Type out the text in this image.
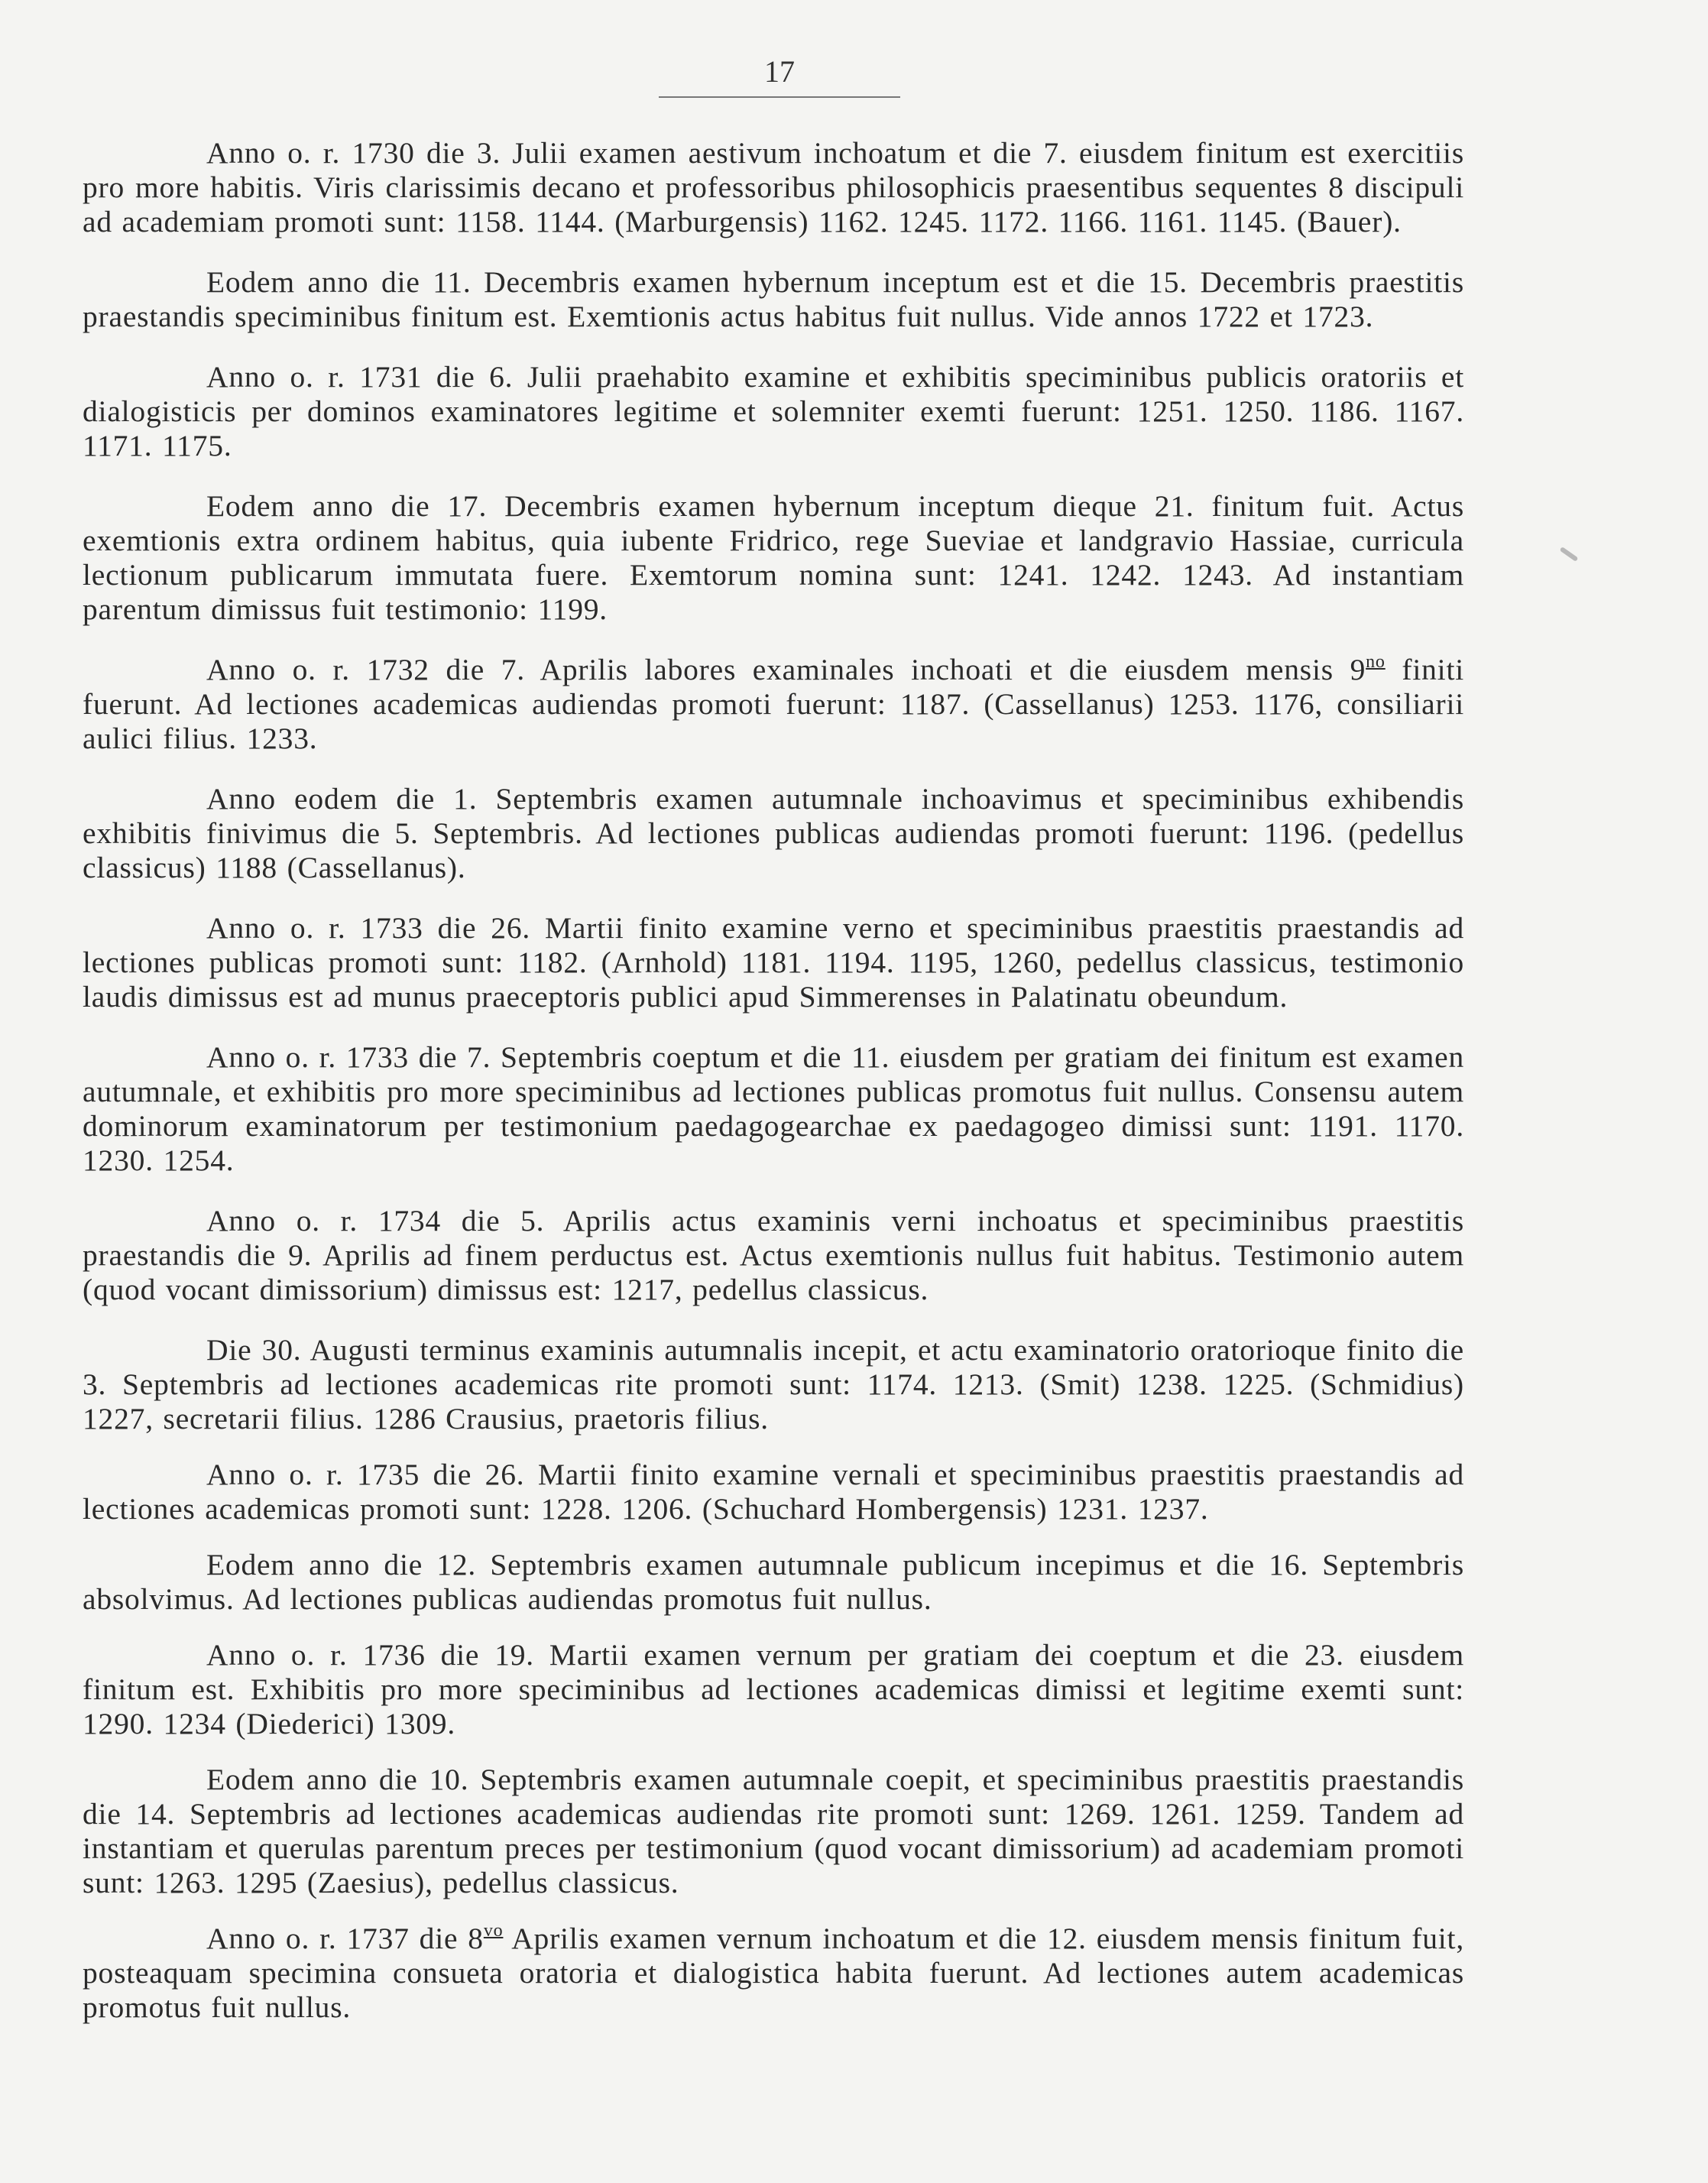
17

Anno o. r. 1730 die 3. Julii examen aestivum inchoatum et die 7. eiusdem finitum est exercitiis pro more habitis. Viris clarissimis decano et professoribus philosophicis praesentibus sequentes 8 discipuli ad academiam promoti sunt: 1158. 1144. (Marburgensis) 1162. 1245. 1172. 1166. 1161. 1145. (Bauer).

Eodem anno die 11. Decembris examen hybernum inceptum est et die 15. Decembris praestitis praestandis speciminibus finitum est. Exemtionis actus habitus fuit nullus. Vide annos 1722 et 1723.

Anno o. r. 1731 die 6. Julii praehabito examine et exhibitis speciminibus publicis oratoriis et dialogisticis per dominos examinatores legitime et solemniter exemti fuerunt: 1251. 1250. 1186. 1167. 1171. 1175.

Eodem anno die 17. Decembris examen hybernum inceptum dieque 21. finitum fuit. Actus exemtionis extra ordinem habitus, quia iubente Fridrico, rege Sueviae et landgravio Hassiae, curricula lectionum publicarum immutata fuere. Exemtorum nomina sunt: 1241. 1242. 1243. Ad instantiam parentum dimissus fuit testimonio: 1199.

Anno o. r. 1732 die 7. Aprilis labores examinales inchoati et die eiusdem mensis $9^{no}$ finiti fuerunt. Ad lectiones academicas audiendas promoti fuerunt: 1187. (Cassellanus) 1253. 1176, consiliarii aulici filius. 1233.

Anno eodem die 1. Septembris examen autumnale inchoavimus et speciminibus exhibendis exhibitis finivimus die 5. Septembris. Ad lectiones publicas audiendas promoti fuerunt: 1196. (pedellus classicus) 1188 (Cassellanus).

Anno o. r. 1733 die 26. Martii finito examine verno et speciminibus praestitis praestandis ad lectiones publicas promoti sunt: 1182. (Arnhold) 1181. 1194. 1195, 1260, pedellus classicus, testimonio laudis dimissus est ad munus praeceptoris publici apud Simmerenses in Palatinatu obeundum.

Anno o. r. 1733 die 7. Septembris coeptum et die 11. eiusdem per gratiam dei finitum est examen autumnale, et exhibitis pro more speciminibus ad lectiones publicas promotus fuit nullus. Consensu autem dominorum examinatorum per testimonium paedagogearchae ex paedagogeo dimissi sunt: 1191. 1170. 1230. 1254.

Anno o. r. 1734 die 5. Aprilis actus examinis verni inchoatus et speciminibus praestitis praestandis die 9. Aprilis ad finem perductus est. Actus exemtionis nullus fuit habitus. Testimonio autem (quod vocant dimissorium) dimissus est: 1217, pedellus classicus.

Die 30. Augusti terminus examinis autumnalis incepit, et actu examinatorio oratorioque finito die 3. Septembris ad lectiones academicas rite promoti sunt: 1174. 1213. (Smit) 1238. 1225. (Schmidius) 1227, secretarii filius. 1286 Crausius, praetoris filius.

Anno o. r. 1735 die 26. Martii finito examine vernali et speciminibus praestitis praestandis ad lectiones academicas promoti sunt: 1228. 1206. (Schuchard Hombergensis) 1231. 1237.

Eodem anno die 12. Septembris examen autumnale publicum incepimus et die 16. Septembris absolvimus. Ad lectiones publicas audiendas promotus fuit nullus.

Anno o. r. 1736 die 19. Martii examen vernum per gratiam dei coeptum et die 23. eiusdem finitum est. Exhibitis pro more speciminibus ad lectiones academicas dimissi et legitime exemti sunt: 1290. 1234 (Diederici) 1309.

Eodem anno die 10. Septembris examen autumnale coepit, et speciminibus praestitis praestandis die 14. Septembris ad lectiones academicas audiendas rite promoti sunt: 1269. 1261. 1259. Tandem ad instantiam et querulas parentum preces per testimonium (quod vocant dimissorium) ad academiam promoti sunt: 1263. 1295 (Zaesius), pedellus classicus.

Anno o. r. 1737 die $8^{vo}$ Aprilis examen vernum inchoatum et die 12. eiusdem mensis finitum fuit, posteaquam specimina consueta oratoria et dialogistica habita fuerunt. Ad lectiones autem academicas promotus fuit nullus.
